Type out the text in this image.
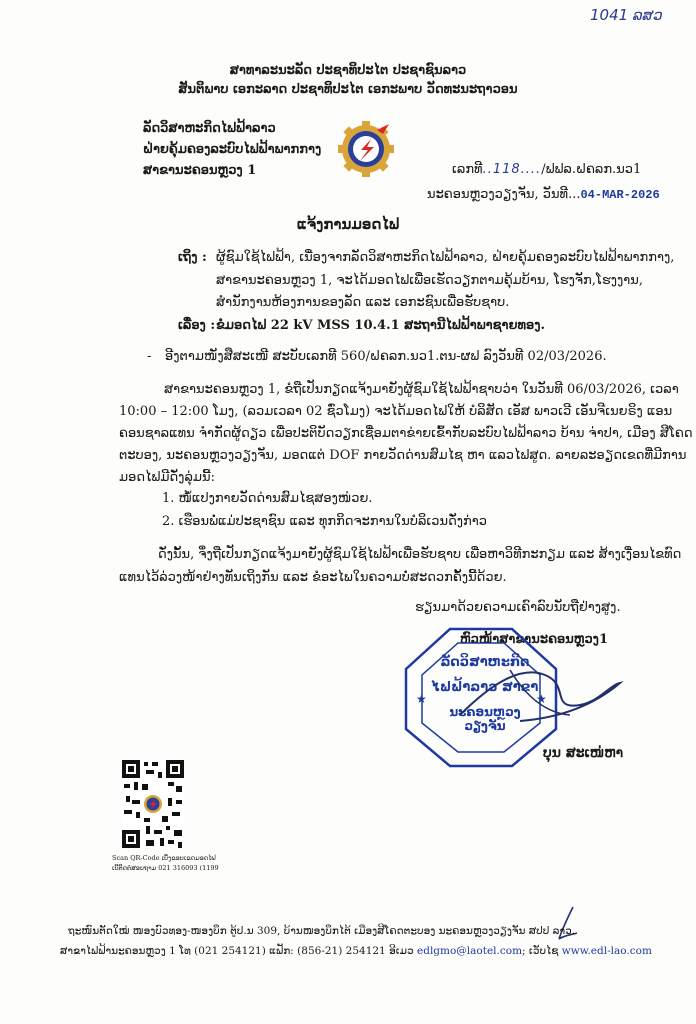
1041 ລສວ
ສາທາລະນະລັດ ປະຊາທິປະໄຕ ປະຊາຊົນລາວ
ສັນຕິພາບ ເອກະລາດ ປະຊາທິປະໄຕ ເອກະພາບ ວັດທະນະຖາວອນ
ລັດວິສາຫະກິດໄຟຟ້າລາວ
ຝ່າຍຄຸ້ມຄອງລະບົບໄຟຟ້າພາກກາງ
ສາຂານະຄອນຫຼວງ 1	ເລກທີ..118..../ຟຟລ.ຝຄລກ.ນວ1
ນະຄອນຫຼວງວຽງຈັນ, ວັນທີ...04-MAR-2026
ແຈ້ງການມອດໄຟ
ເຖິງ : ຜູ້ຊົມໃຊ້ໄຟຟ້າ, ເນື່ອງຈາກລັດວິສາຫະກິດໄຟຟ້າລາວ, ຝ່າຍຄຸ້ມຄອງລະບົບໄຟຟ້າພາກກາງ,
ສາຂານະຄອນຫຼວງ 1, ຈະໄດ້ມອດໄຟເພື່ອເຮັດວຽກຕາມຄຸ້ມບ້ານ, ໂຮງຈັກ,ໂຮງງານ,
ສໍານັກງານຫ້ອງການຂອງລັດ ແລະ ເອກະຊົນເພື່ອຮັບຊາບ.
ເລື່ອງ : ຂໍມອດໄຟ 22 kV MSS 10.4.1 ສະຖານີໄຟຟ້າພາຊາຍທອງ.
- ອີງຕາມໜັງສືສະເໜີ ສະບັບເລກທີ 560/ຝຄລກ.ນວ1.ຕນ-ຜຟ ລົງວັນທີ 02/03/2026.
ສາຂານະຄອນຫຼວງ 1, ຂໍຖືເປັນກຽດແຈ້ງມາຍັງຜູ້ຊົມໃຊ້ໄຟຟ້າຊາບວ່າ ໃນວັນທີ 06/03/2026, ເວລາ
10:00 – 12:00 ໂມງ, (ລວມເວລາ 02 ຊົ່ວໂມງ) ຈະໄດ້ມອດໄຟໃຫ້ ບໍລິສັດ ເອັສ ພາວເວີ ເອັນຈີເນຍຣິງ ແອນ
ຄອນຊາລແທນ ຈໍາກັດຜູ້ດຽວ ເພື່ອປະຕິບັດວຽກເຊື່ອມຕາຂ່າຍເຂົ້າກັບລະບົບໄຟຟ້າລາວ ບ້ານ ຈ່າປາ, ເມືອງ ສີໂຄດ
ຕະບອງ, ນະຄອນຫຼວງວຽງຈັນ, ມອດແຕ່ DOF ກາຍວັດດ່ານສົມໄຊ ຫາ ແລວໄຟສູດ. ລາຍລະອຽດເຂດທີ່ມີການ
ມອດໄຟມີດັ່ງລຸ່ມນີ້:
1. ໜໍ້ແປງກາຍວັດດ່ານສົມໄຊສອງໜ່ວຍ.
2. ເຮືອນພໍ່ແມ່ປະຊາຊົນ ແລະ ທຸກກິດຈະການໃນບໍລິເວນດັ່ງກ່າວ
ດັ່ງນັ້ນ, ຈຶ່ງຖືເປັນກຽດແຈ້ງມາຍັງຜູ້ຊົມໃຊ້ໄຟຟ້າເພື່ອຮັບຊາບ ເພື່ອຫາວິທີກະກຽມ ແລະ ສ້າງເງື່ອນໄຂທົດ
ແທນໄວ້ລ່ວງໜ້າຢ່າງທັນເຖິງກັນ ແລະ ຂໍອະໄພໃນຄວາມບໍ່ສະດວກຄັ້ງນີ້ດ້ວຍ.
ຮຽນມາດ້ວຍຄວາມເຄົາລົບນັບຖືຢ່າງສູງ.
ຫົວໜ້າສາຂານະຄອນຫຼວງ1
★	★
ລັດວິສາຫະກິດ
ໄຟຟ້າລາວ ສາຂາ
ນະຄອນຫຼວງວຽງຈັນ
ບຸນ ສະເໜ່ຫາ
Scan QR-Code ເບິ່ງຂອບເຂດມອດໄຟ
ເບີຕິດຕໍ່ສອບຖາມ 021 316093 (1199
ຖະໜົນຕັດໃໝ່ ໜອງບົວທອງ-ໜອງບຶກ ຕູ້ປ.ນ 309, ບ້ານໜອງບຶກໄຕ້ ເມືອງສີໂຄດຕະບອງ ນະຄອນຫຼວງວຽງຈັນ ສປປ ລາວ.
ສາຂາໄຟຟ້ານະຄອນຫຼວງ 1 ໂທ (021 254121) ແຟັກ: (856-21) 254121 ອີເມວ edlgmo@laotel.com; ເວັບໄຊ www.edl-lao.com
